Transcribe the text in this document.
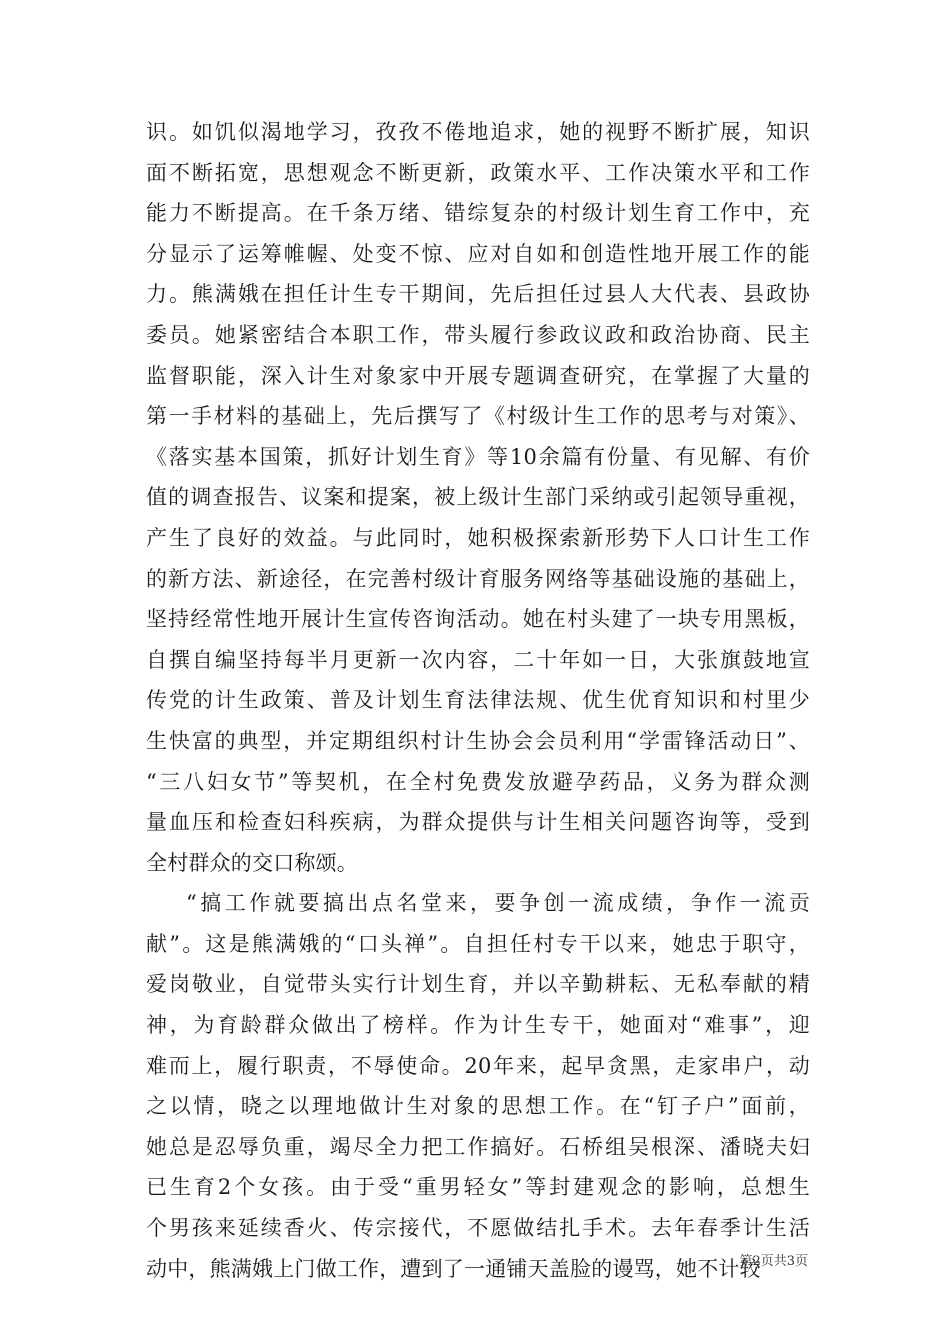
识。如饥似渴地学习，孜孜不倦地追求，她的视野不断扩展，知识
面不断拓宽，思想观念不断更新，政策水平、工作决策水平和工作
能力不断提高。在千条万绪、错综复杂的村级计划生育工作中，充
分显示了运筹帷幄、处变不惊、应对自如和创造性地开展工作的能
力。熊满娥在担任计生专干期间，先后担任过县人大代表、县政协
委员。她紧密结合本职工作，带头履行参政议政和政治协商、民主
监督职能，深入计生对象家中开展专题调查研究，在掌握了大量的
第一手材料的基础上，先后撰写了《村级计生工作的思考与对策》、
《落实基本国策，抓好计划生育》等10余篇有份量、有见解、有价
值的调查报告、议案和提案，被上级计生部门采纳或引起领导重视，
产生了良好的效益。与此同时，她积极探索新形势下人口计生工作
的新方法、新途径，在完善村级计育服务网络等基础设施的基础上，
坚持经常性地开展计生宣传咨询活动。她在村头建了一块专用黑板，
自撰自编坚持每半月更新一次内容，二十年如一日，大张旗鼓地宣
传党的计生政策、普及计划生育法律法规、优生优育知识和村里少
生快富的典型，并定期组织村计生协会会员利用“学雷锋活动日”、
“三八妇女节”等契机，在全村免费发放避孕药品，义务为群众测
量血压和检查妇科疾病，为群众提供与计生相关问题咨询等，受到
全村群众的交口称颂。
“搞工作就要搞出点名堂来，要争创一流成绩，争作一流贡
献”。这是熊满娥的“口头禅”。自担任村专干以来，她忠于职守，
爱岗敬业，自觉带头实行计划生育，并以辛勤耕耘、无私奉献的精
神，为育龄群众做出了榜样。作为计生专干，她面对“难事”，迎
难而上，履行职责，不辱使命。20年来，起早贪黑，走家串户，动
之以情，晓之以理地做计生对象的思想工作。在“钉子户”面前，
她总是忍辱负重，竭尽全力把工作搞好。石桥组吴根深、潘晓夫妇
已生育2个女孩。由于受“重男轻女”等封建观念的影响，总想生
个男孩来延续香火、传宗接代，不愿做结扎手术。去年春季计生活
动中，熊满娥上门做工作，遭到了一通铺天盖脸的谩骂，她不计较
第2页共3页
